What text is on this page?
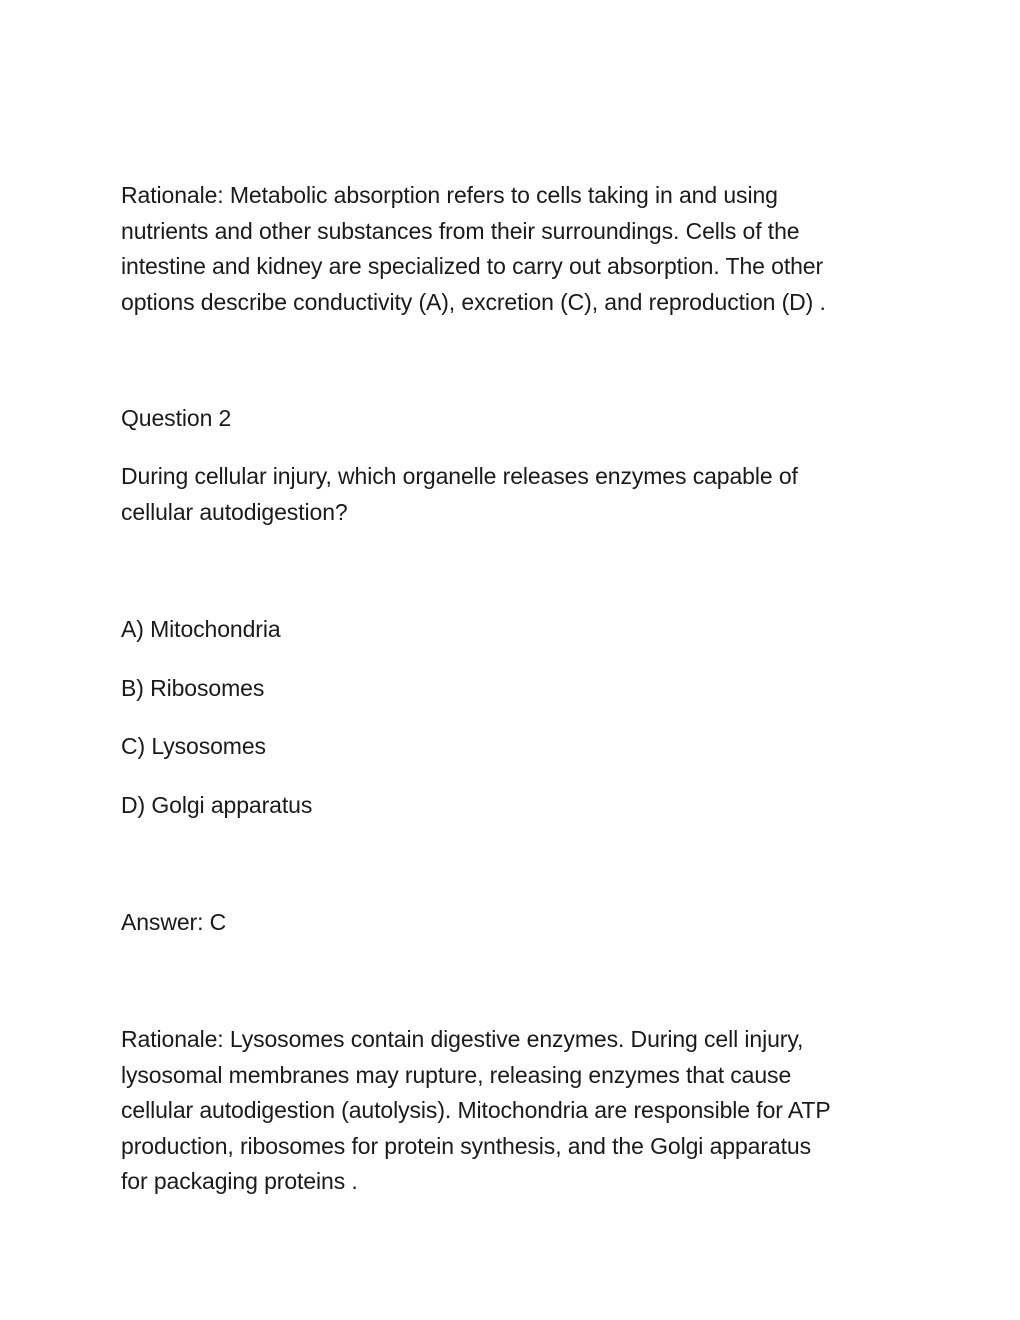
Rationale: Metabolic absorption refers to cells taking in and using
nutrients and other substances from their surroundings. Cells of the
intestine and kidney are specialized to carry out absorption. The other
options describe conductivity (A), excretion (C), and reproduction (D) .
Question 2
During cellular injury, which organelle releases enzymes capable of
cellular autodigestion?
A) Mitochondria
B) Ribosomes
C) Lysosomes
D) Golgi apparatus
Answer: C
Rationale: Lysosomes contain digestive enzymes. During cell injury,
lysosomal membranes may rupture, releasing enzymes that cause
cellular autodigestion (autolysis). Mitochondria are responsible for ATP
production, ribosomes for protein synthesis, and the Golgi apparatus
for packaging proteins .
